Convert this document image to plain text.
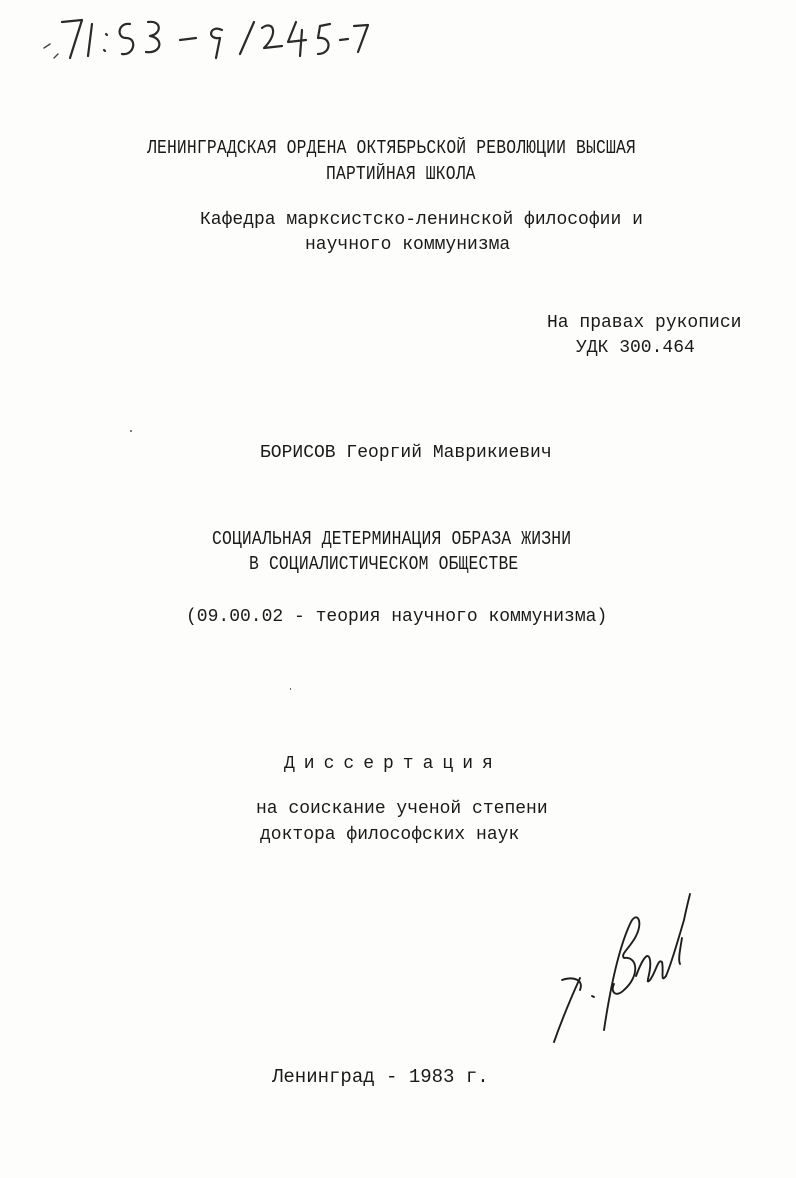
ЛЕНИНГРАДСКАЯ ОРДЕНА ОКТЯБРЬСКОЙ РЕВОЛЮЦИИ ВЫСШАЯ
ПАРТИЙНАЯ ШКОЛА
Кафедра марксистско-ленинской философии и
научного коммунизма
На правах рукописи
УДК 300.464
БОРИСОВ Георгий Маврикиевич
СОЦИАЛЬНАЯ ДЕТЕРМИНАЦИЯ ОБРАЗА ЖИЗНИ
В СОЦИАЛИСТИЧЕСКОМ ОБЩЕСТВЕ
(09.00.02 - теория научного коммунизма)
Диссертация
на соискание ученой степени
доктора философских наук
Ленинград - 1983 г.
